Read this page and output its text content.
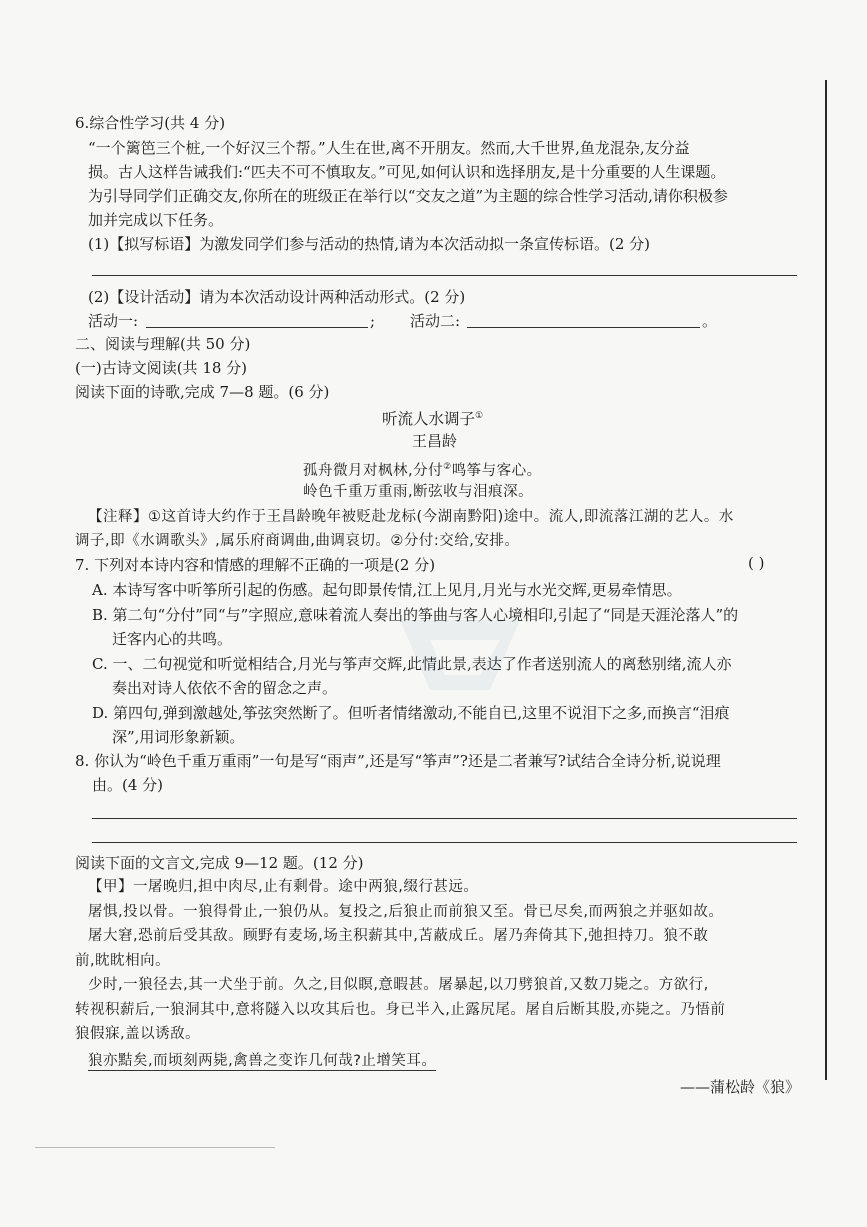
6.综合性学习(共 4 分)
“一个篱笆三个桩,一个好汉三个帮。”人生在世,离不开朋友。然而,大千世界,鱼龙混杂,友分益
损。古人这样告诫我们:“匹夫不可不慎取友。”可见,如何认识和选择朋友,是十分重要的人生课题。
为引导同学们正确交友,你所在的班级正在举行以“交友之道”为主题的综合性学习活动,请你积极参
加并完成以下任务。
(1)【拟写标语】为激发同学们参与活动的热情,请为本次活动拟一条宣传标语。(2 分)
(2)【设计活动】请为本次活动设计两种活动形式。(2 分)
活动一:	; 活动二:	。
二、阅读与理解(共 50 分)
(一)古诗文阅读(共 18 分)
阅读下面的诗歌,完成 7—8 题。(6 分)
听流人水调子①
王昌龄
孤舟微月对枫林,分付②鸣筝与客心。
岭色千重万重雨,断弦收与泪痕深。
【注释】①这首诗大约作于王昌龄晚年被贬赴龙标(今湖南黔阳)途中。流人,即流落江湖的艺人。水
调子,即《水调歌头》,属乐府商调曲,曲调哀切。②分付:交给,安排。
7. 下列对本诗内容和情感的理解不正确的一项是(2 分)	( )
A. 本诗写客中听筝所引起的伤感。起句即景传情,江上见月,月光与水光交辉,更易牵情思。
B. 第二句“分付”同“与”字照应,意味着流人奏出的筝曲与客人心境相印,引起了“同是天涯沦落人”的
迁客内心的共鸣。
C. 一、二句视觉和听觉相结合,月光与筝声交辉,此情此景,表达了作者送别流人的离愁别绪,流人亦
奏出对诗人依依不舍的留念之声。
D. 第四句,弹到激越处,筝弦突然断了。但听者情绪激动,不能自已,这里不说泪下之多,而换言“泪痕
深”,用词形象新颖。
8. 你认为“岭色千重万重雨”一句是写“雨声”,还是写“筝声”?还是二者兼写?试结合全诗分析,说说理
由。(4 分)
阅读下面的文言文,完成 9—12 题。(12 分)
【甲】一屠晚归,担中肉尽,止有剩骨。途中两狼,缀行甚远。
屠惧,投以骨。一狼得骨止,一狼仍从。复投之,后狼止而前狼又至。骨已尽矣,而两狼之并驱如故。
屠大窘,恐前后受其敌。顾野有麦场,场主积薪其中,苫蔽成丘。屠乃奔倚其下,弛担持刀。狼不敢
前,眈眈相向。
少时,一狼径去,其一犬坐于前。久之,目似瞑,意暇甚。屠暴起,以刀劈狼首,又数刀毙之。方欲行,
转视积薪后,一狼洞其中,意将隧入以攻其后也。身已半入,止露尻尾。屠自后断其股,亦毙之。乃悟前
狼假寐,盖以诱敌。
狼亦黠矣,而顷刻两毙,禽兽之变诈几何哉?止增笑耳。
——蒲松龄《狼》
